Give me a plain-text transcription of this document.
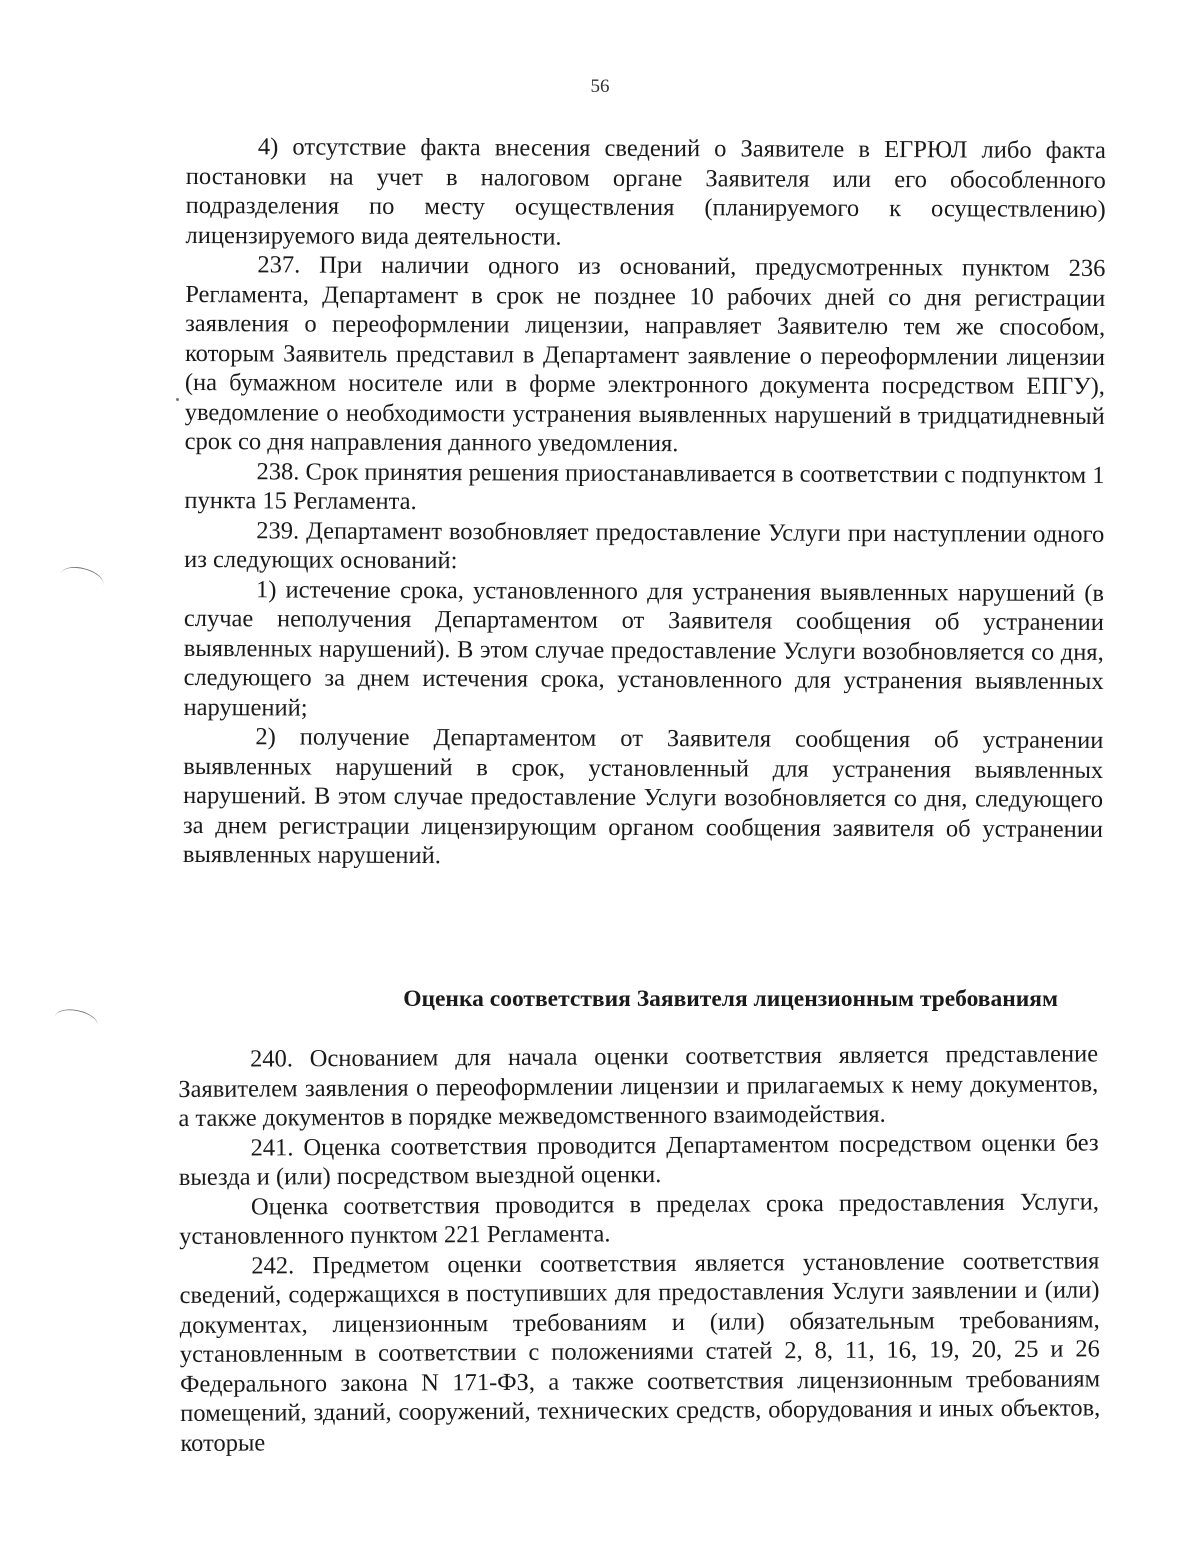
56

4) отсутствие факта внесения сведений о Заявителе в ЕГРЮЛ либо факта постановки на учет в налоговом органе Заявителя или его обособленного подразделения по месту осуществления (планируемого к осуществлению) лицензируемого вида деятельности.

237. При наличии одного из оснований, предусмотренных пунктом 236 Регламента, Департамент в срок не позднее 10 рабочих дней со дня регистрации заявления о переоформлении лицензии, направляет Заявителю тем же способом, которым Заявитель представил в Департамент заявление о переоформлении лицензии (на бумажном носителе или в форме электронного документа посредством ЕПГУ), уведомление о необходимости устранения выявленных нарушений в тридцатидневный срок со дня направления данного уведомления.

238. Срок принятия решения приостанавливается в соответствии с подпунктом 1 пункта 15 Регламента.

239. Департамент возобновляет предоставление Услуги при наступлении одного из следующих оснований:

1) истечение срока, установленного для устранения выявленных нарушений (в случае неполучения Департаментом от Заявителя сообщения об устранении выявленных нарушений). В этом случае предоставление Услуги возобновляется со дня, следующего за днем истечения срока, установленного для устранения выявленных нарушений;

2) получение Департаментом от Заявителя сообщения об устранении выявленных нарушений в срок, установленный для устранения выявленных нарушений. В этом случае предоставление Услуги возобновляется со дня, следующего за днем регистрации лицензирующим органом сообщения заявителя об устранении выявленных нарушений.

Оценка соответствия Заявителя лицензионным требованиям

240. Основанием для начала оценки соответствия является представление Заявителем заявления о переоформлении лицензии и прилагаемых к нему документов, а также документов в порядке межведомственного взаимодействия.

241. Оценка соответствия проводится Департаментом посредством оценки без выезда и (или) посредством выездной оценки.

Оценка соответствия проводится в пределах срока предоставления Услуги, установленного пунктом 221 Регламента.

242. Предметом оценки соответствия является установление соответствия сведений, содержащихся в поступивших для предоставления Услуги заявлении и (или) документах, лицензионным требованиям и (или) обязательным требованиям, установленным в соответствии с положениями статей 2, 8, 11, 16, 19, 20, 25 и 26 Федерального закона N 171-ФЗ, а также соответствия лицензионным требованиям помещений, зданий, сооружений, технических средств, оборудования и иных объектов, которые
